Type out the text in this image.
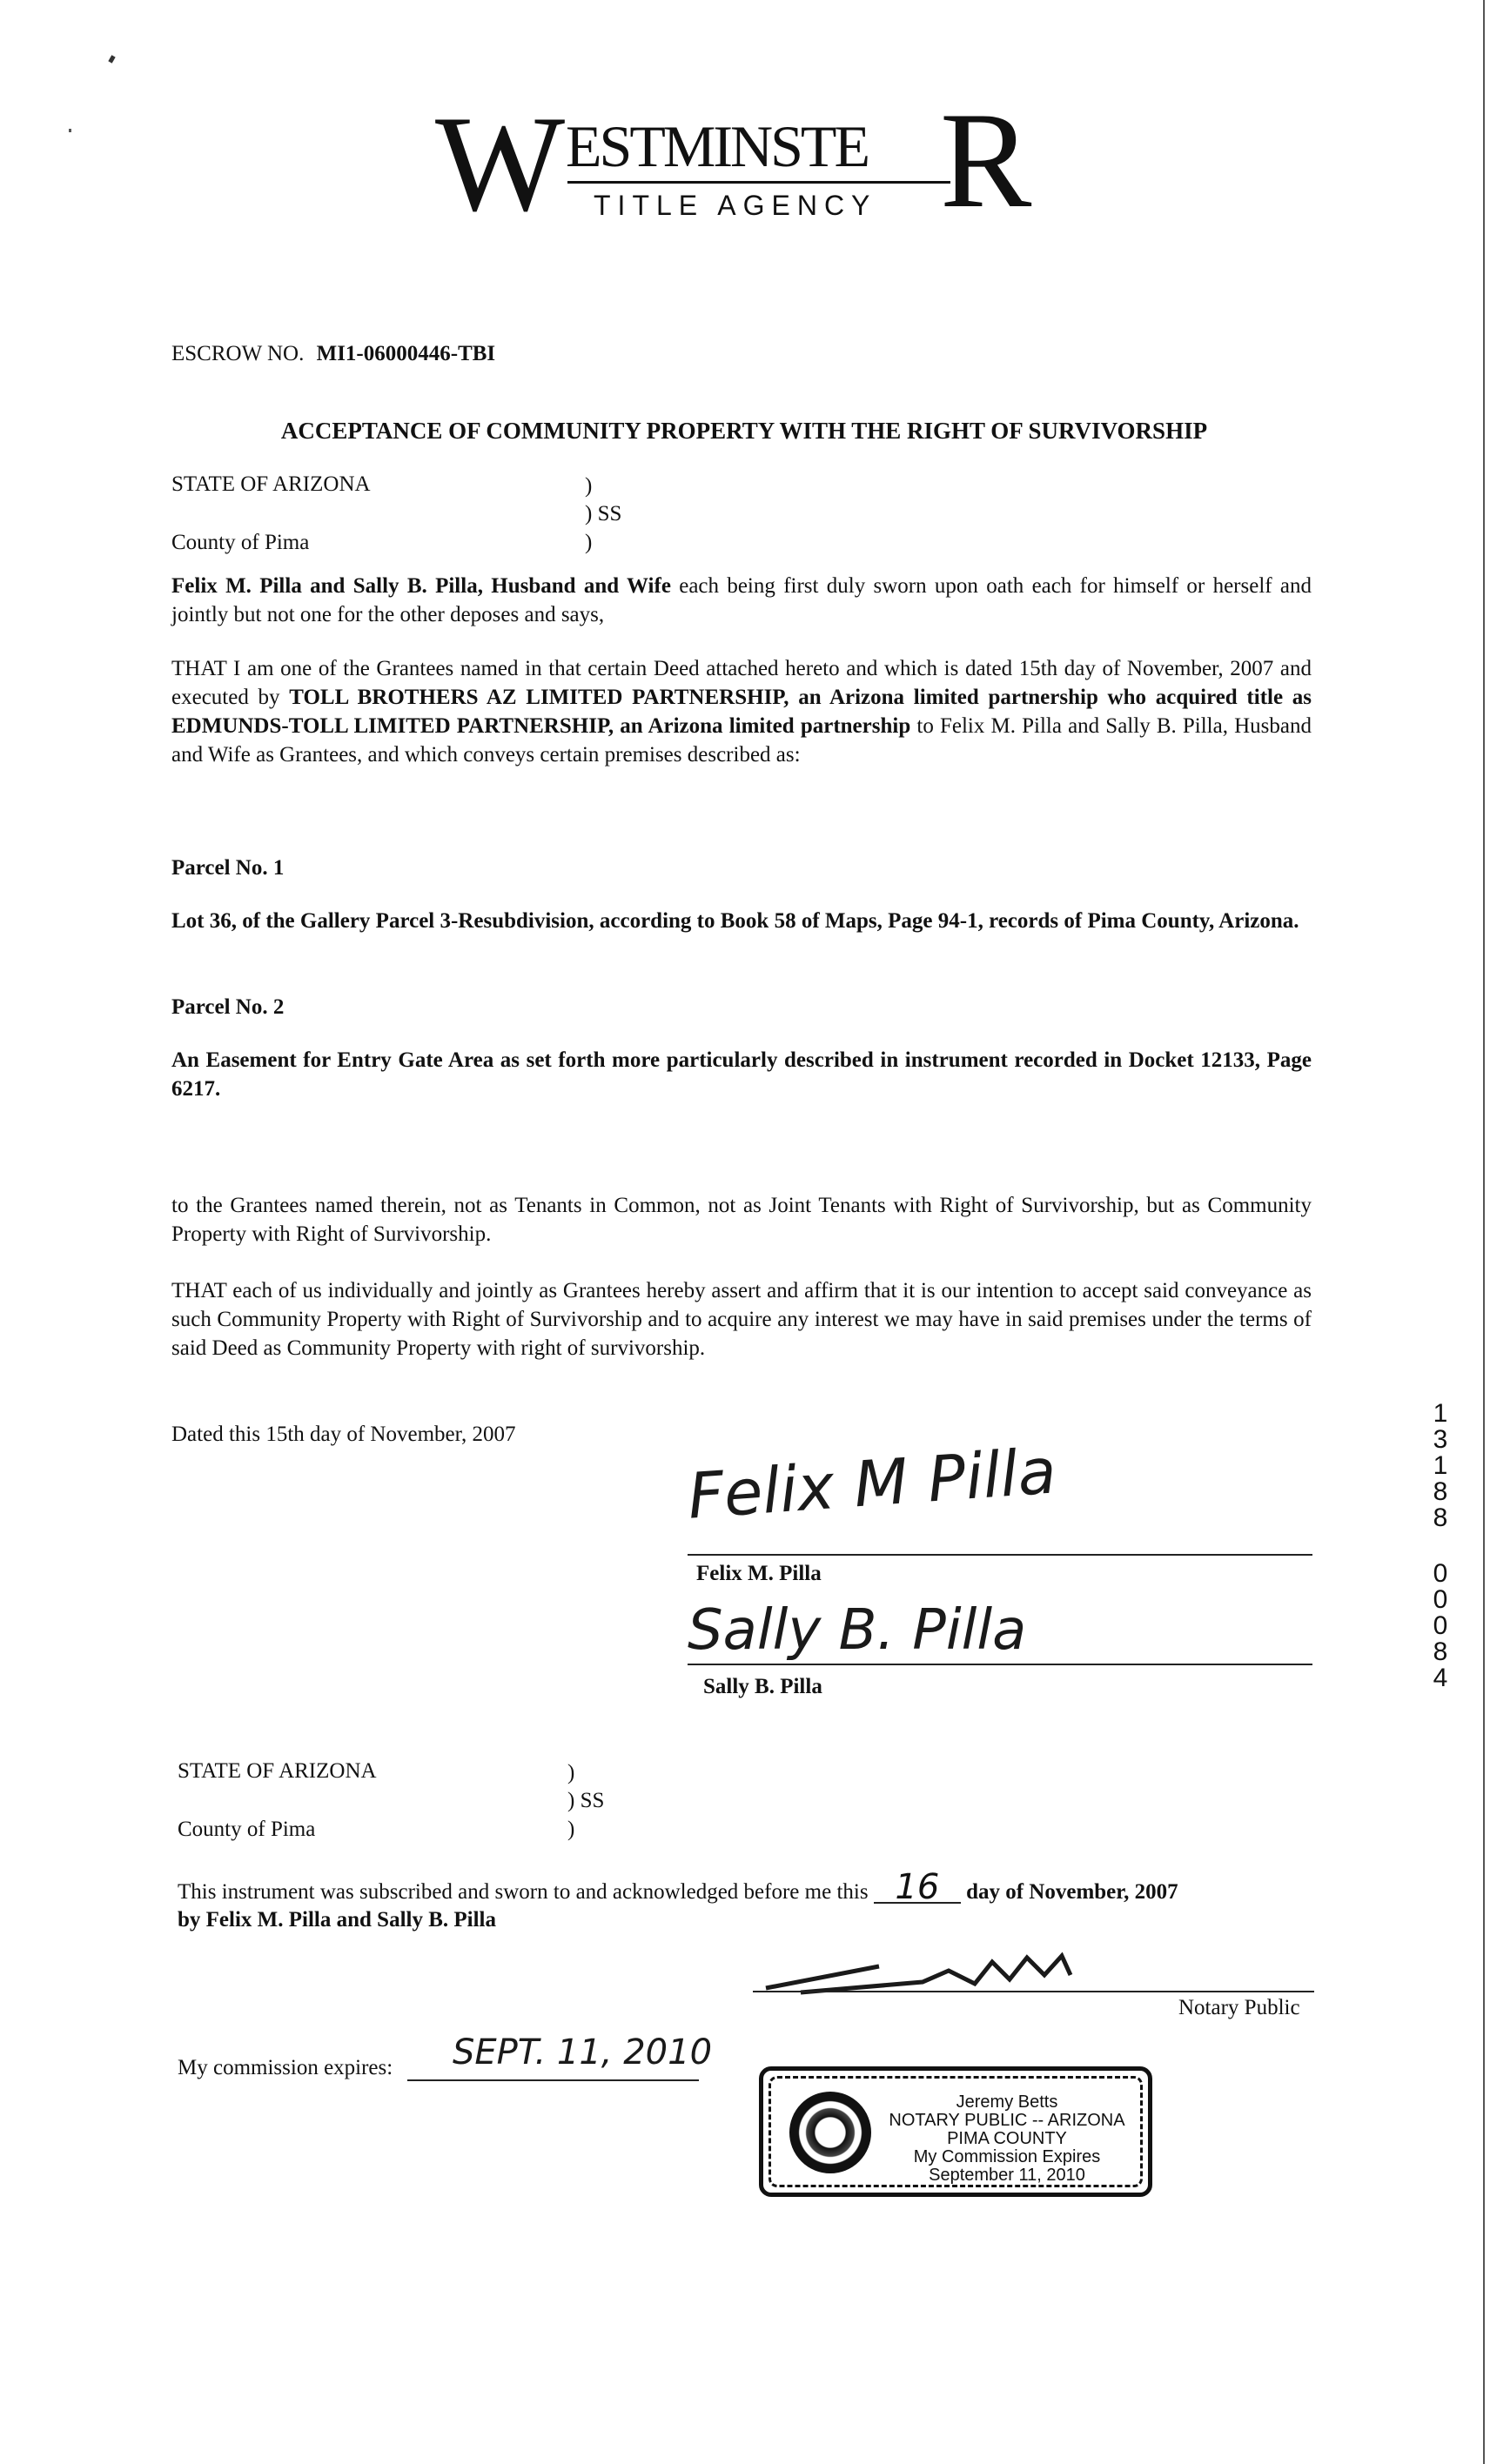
W ESTMINSTE R
TITLE AGENCY
ESCROW NO. MI1-06000446-TBI
ACCEPTANCE OF COMMUNITY PROPERTY WITH THE RIGHT OF SURVIVORSHIP
STATE OF ARIZONA	)
) SS
County of Pima	)
Felix M. Pilla and Sally B. Pilla, Husband and Wife each being first duly sworn upon oath each for himself or herself and jointly but not one for the other deposes and says,
THAT I am one of the Grantees named in that certain Deed attached hereto and which is dated 15th day of November, 2007 and executed by TOLL BROTHERS AZ LIMITED PARTNERSHIP, an Arizona limited partnership who acquired title as EDMUNDS-TOLL LIMITED PARTNERSHIP, an Arizona limited partnership to Felix M. Pilla and Sally B. Pilla, Husband and Wife as Grantees, and which conveys certain premises described as:
Parcel No. 1
Lot 36, of the Gallery Parcel 3-Resubdivision, according to Book 58 of Maps, Page 94-1, records of Pima County, Arizona.
Parcel No. 2
An Easement for Entry Gate Area as set forth more particularly described in instrument recorded in Docket 12133, Page 6217.
to the Grantees named therein, not as Tenants in Common, not as Joint Tenants with Right of Survivorship, but as Community Property with Right of Survivorship.
THAT each of us individually and jointly as Grantees hereby assert and affirm that it is our intention to accept said conveyance as such Community Property with Right of Survivorship and to acquire any interest we may have in said premises under the terms of said Deed as Community Property with right of survivorship.
Dated this 15th day of November, 2007
13188
00084
Felix M Pilla
Felix M. Pilla
Sally B. Pilla
Sally B. Pilla
STATE OF ARIZONA	)
) SS
County of Pima	)
This instrument was subscribed and sworn to and acknowledged before me this 16 day of November, 2007
by Felix M. Pilla and Sally B. Pilla
Notary Public
My commission expires: SEPT. 11, 2010
Jeremy Betts
NOTARY PUBLIC -- ARIZONA
PIMA COUNTY
My Commission Expires
September 11, 2010
